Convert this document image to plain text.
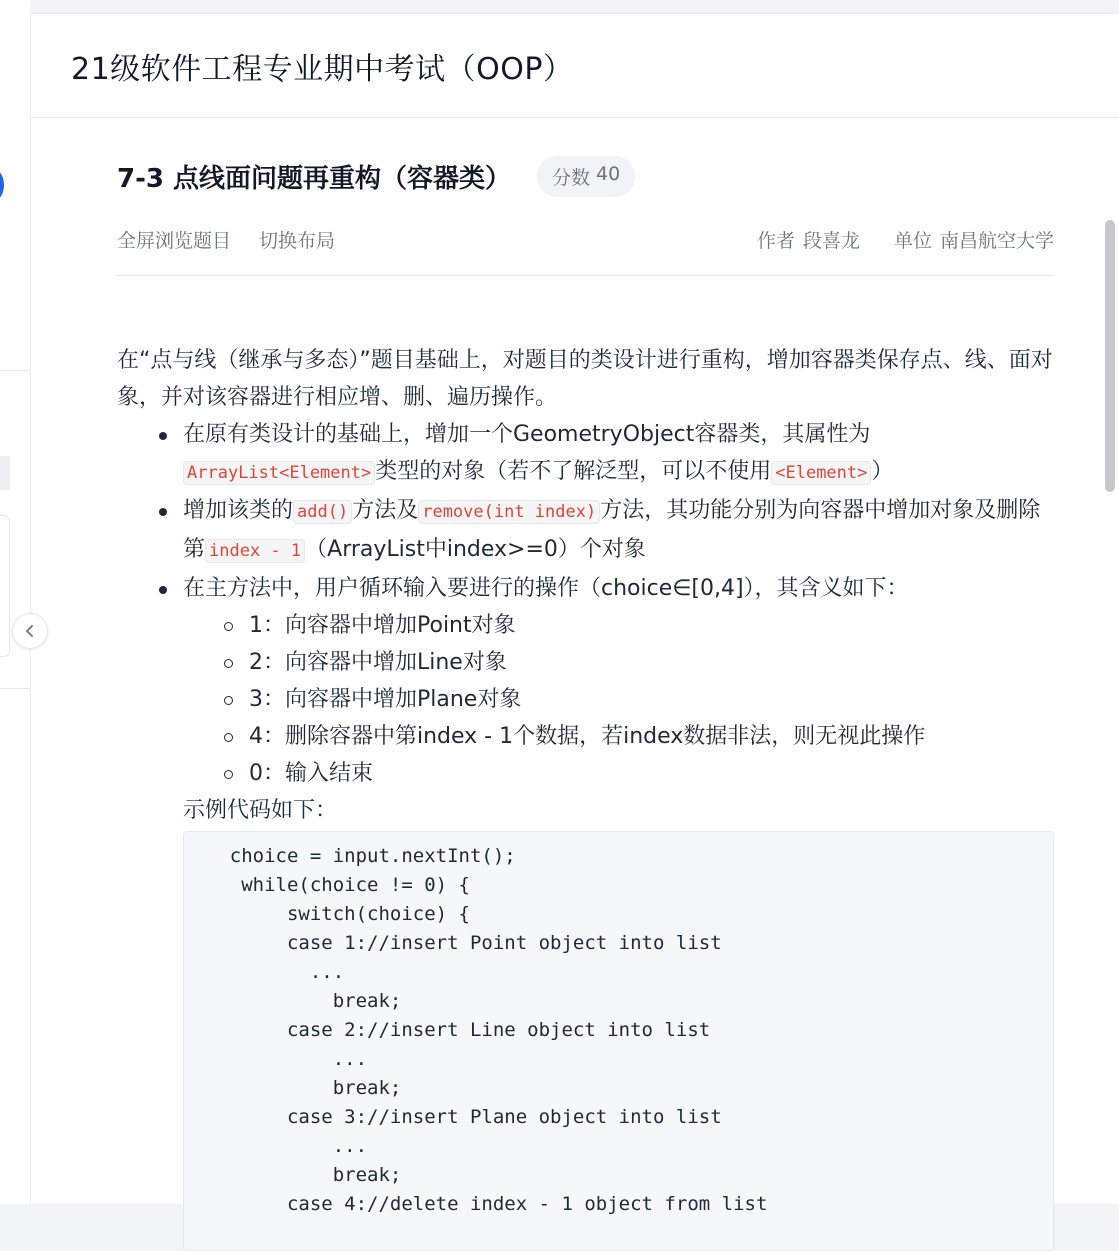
21级软件工程专业期中考试（OOP）
7-3 点线面问题再重构（容器类） 分数 40
全屏浏览题目 切换布局	作者 段喜龙 单位 南昌航空大学

在“点与线（继承与多态）”题目基础上，对题目的类设计进行重构，增加容器类保存点、线、面对象，并对该容器进行相应增、删、遍历操作。

在原有类设计的基础上，增加一个GeometryObject容器类，其属性为
ArrayList<Element> 类型的对象（若不了解泛型，可以不使用 <Element> ）
增加该类的 add() 方法及 remove(int index) 方法，其功能分别为向容器中增加对象及删除第 index - 1 （ArrayList中index>=0）个对象
在主方法中，用户循环输入要进行的操作（choice∈[0,4]），其含义如下：
1：向容器中增加Point对象
2：向容器中增加Line对象
3：向容器中增加Plane对象
4：删除容器中第index - 1个数据，若index数据非法，则无视此操作
0：输入结束
示例代码如下：
choice = input.nextInt();
while(choice != 0) {
switch(choice) {
case 1://insert Point object into list
...
break;
case 2://insert Line object into list
...
break;
case 3://insert Plane object into list
...
break;
case 4://delete index - 1 object from list
